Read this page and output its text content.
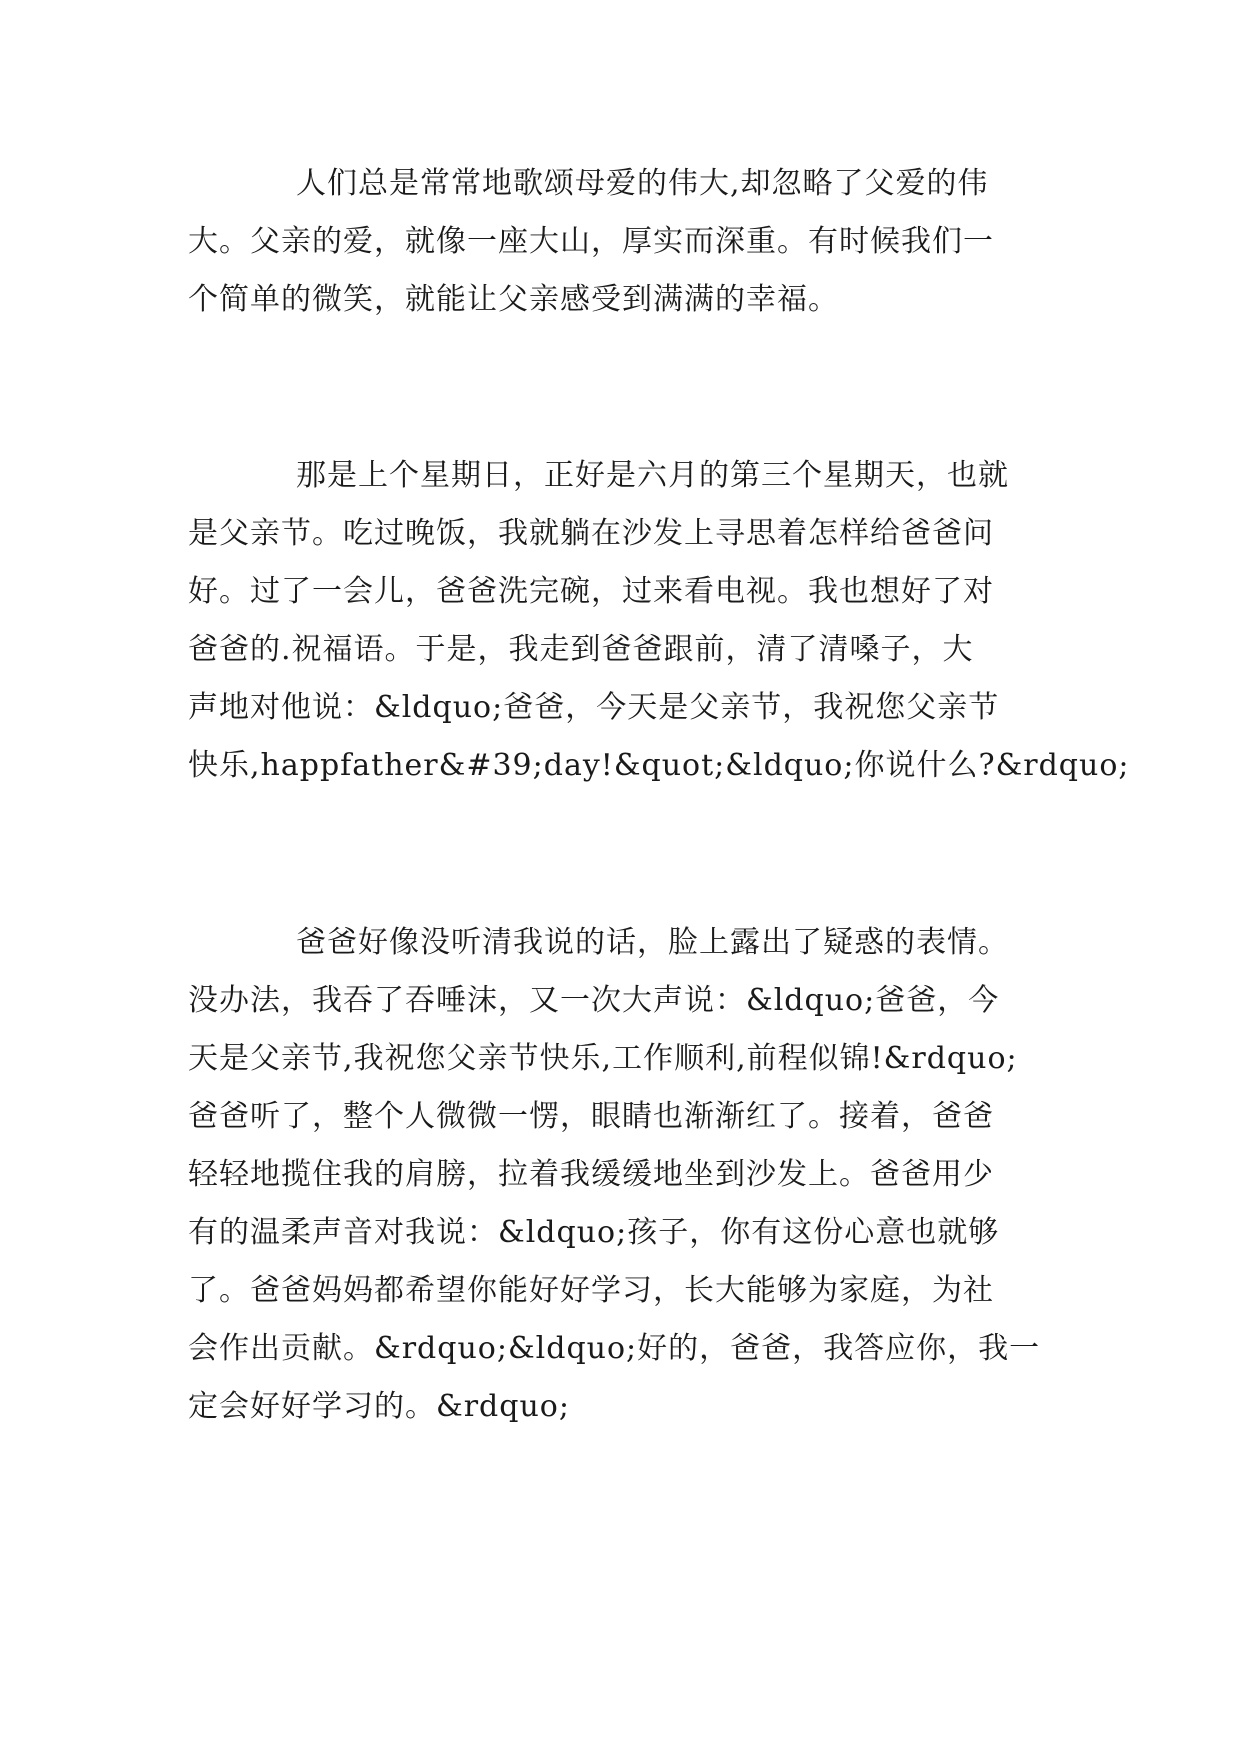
人们总是常常地歌颂母爱的伟大,却忽略了父爱的伟
大。父亲的爱，就像一座大山，厚实而深重。有时候我们一
个简单的微笑，就能让父亲感受到满满的幸福。

那是上个星期日，正好是六月的第三个星期天，也就
是父亲节。吃过晚饭，我就躺在沙发上寻思着怎样给爸爸问
好。过了一会儿，爸爸洗完碗，过来看电视。我也想好了对
爸爸的.祝福语。于是，我走到爸爸跟前，清了清嗓子，大
声地对他说：&ldquo;爸爸，今天是父亲节，我祝您父亲节
快乐,happfather&#39;day!&quot;&ldquo;你说什么?&rdquo;

爸爸好像没听清我说的话，脸上露出了疑惑的表情。
没办法，我吞了吞唾沫，又一次大声说：&ldquo;爸爸，今
天是父亲节,我祝您父亲节快乐,工作顺利,前程似锦!&rdquo;
爸爸听了，整个人微微一愣，眼睛也渐渐红了。接着，爸爸
轻轻地揽住我的肩膀，拉着我缓缓地坐到沙发上。爸爸用少
有的温柔声音对我说：&ldquo;孩子，你有这份心意也就够
了。爸爸妈妈都希望你能好好学习，长大能够为家庭，为社
会作出贡献。&rdquo;&ldquo;好的，爸爸，我答应你，我一
定会好好学习的。&rdquo;
